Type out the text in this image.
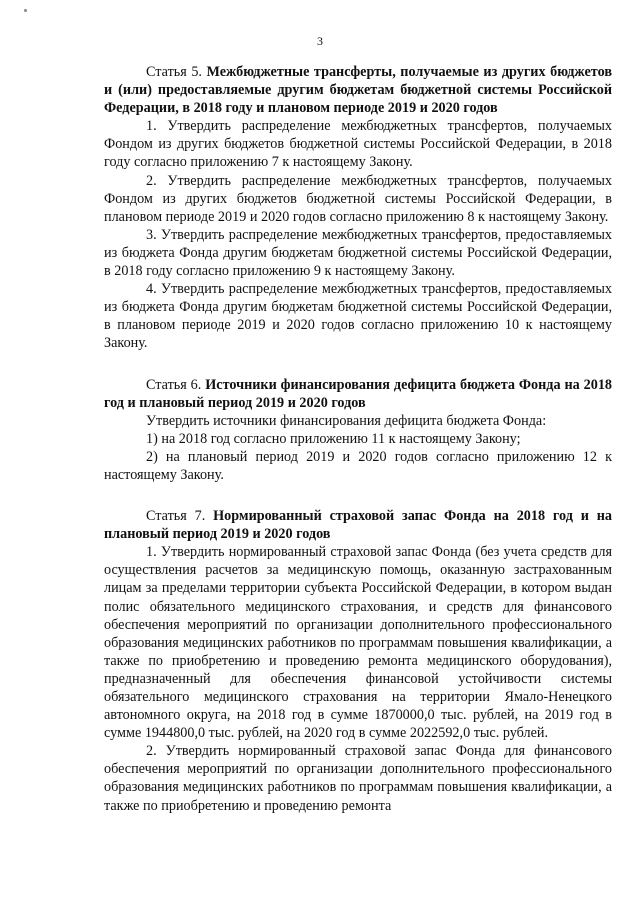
3

Статья 5. Межбюджетные трансферты, получаемые из других бюджетов и (или) предоставляемые другим бюджетам бюджетной системы Российской Федерации, в 2018 году и плановом периоде 2019 и 2020 годов

1. Утвердить распределение межбюджетных трансфертов, получаемых Фондом из других бюджетов бюджетной системы Российской Федерации, в 2018 году согласно приложению 7 к настоящему Закону.

2. Утвердить распределение межбюджетных трансфертов, получаемых Фондом из других бюджетов бюджетной системы Российской Федерации, в плановом периоде 2019 и 2020 годов согласно приложению 8 к настоящему Закону.

3. Утвердить распределение межбюджетных трансфертов, предоставляемых из бюджета Фонда другим бюджетам бюджетной системы Российской Федерации, в 2018 году согласно приложению 9 к настоящему Закону.

4. Утвердить распределение межбюджетных трансфертов, предоставляемых из бюджета Фонда другим бюджетам бюджетной системы Российской Федерации, в плановом периоде 2019 и 2020 годов согласно приложению 10 к настоящему Закону.

Статья 6. Источники финансирования дефицита бюджета Фонда на 2018 год и плановый период 2019 и 2020 годов

Утвердить источники финансирования дефицита бюджета Фонда:

1) на 2018 год согласно приложению 11 к настоящему Закону;

2) на плановый период 2019 и 2020 годов согласно приложению 12 к настоящему Закону.

Статья 7. Нормированный страховой запас Фонда на 2018 год и на плановый период 2019 и 2020 годов

1. Утвердить нормированный страховой запас Фонда (без учета средств для осуществления расчетов за медицинскую помощь, оказанную застрахованным лицам за пределами территории субъекта Российской Федерации, в котором выдан полис обязательного медицинского страхования, и средств для финансового обеспечения мероприятий по организации дополнительного профессионального образования медицинских работников по программам повышения квалификации, а также по приобретению и проведению ремонта медицинского оборудования), предназначенный для обеспечения финансовой устойчивости системы обязательного медицинского страхования на территории Ямало-Ненецкого автономного округа, на 2018 год в сумме 1870000,0 тыс. рублей, на 2019 год в сумме 1944800,0 тыс. рублей, на 2020 год в сумме 2022592,0 тыс. рублей.

2. Утвердить нормированный страховой запас Фонда для финансового обеспечения мероприятий по организации дополнительного профессионального образования медицинских работников по программам повышения квалификации, а также по приобретению и проведению ремонта
